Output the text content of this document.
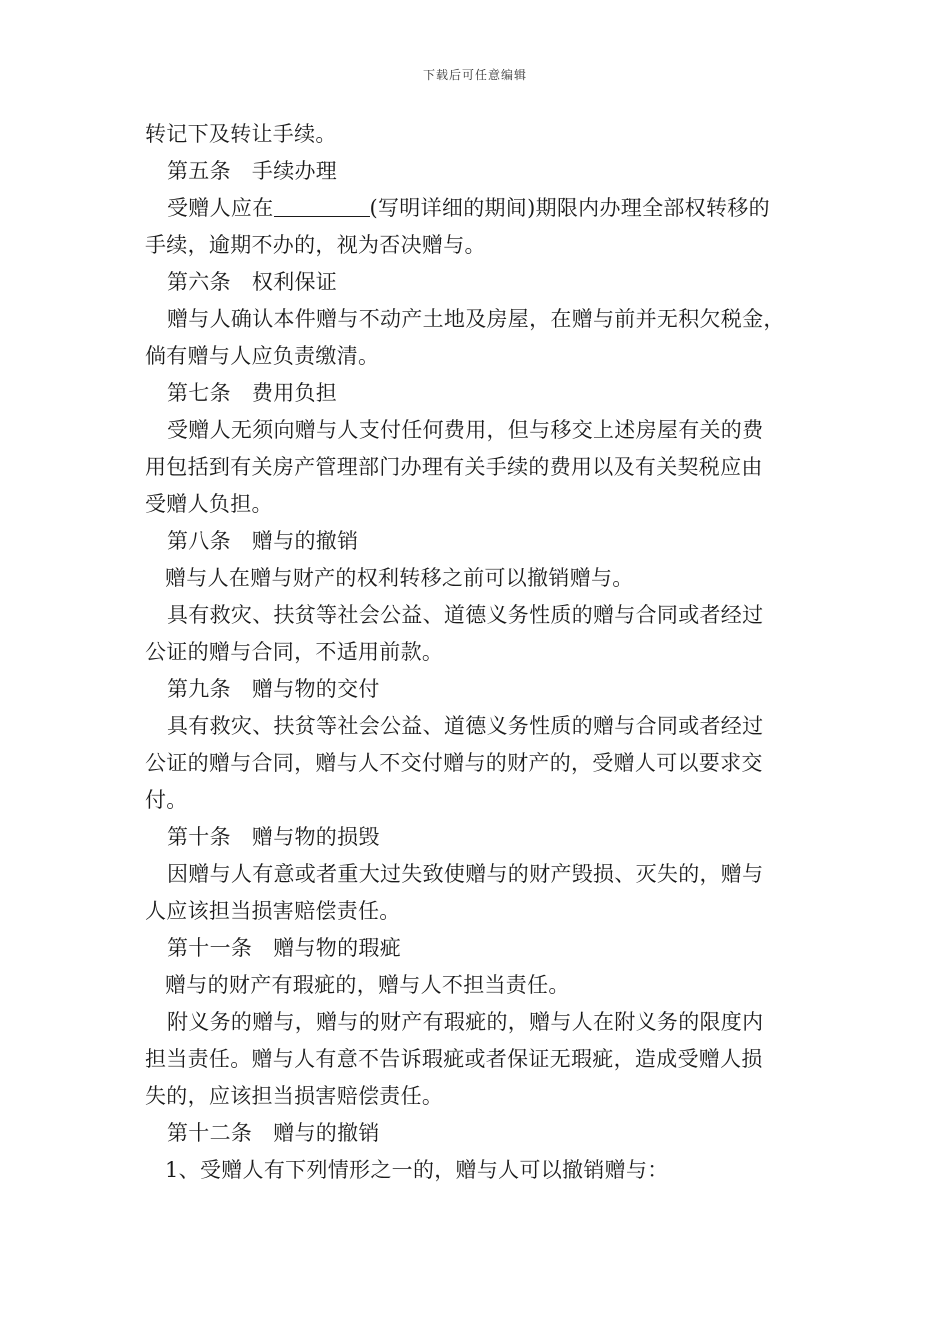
下载后可任意编辑
转记下及转让手续。
第五条 手续办理
受赠人应在	(写明详细的期间)期限内办理全部权转移的
手续，逾期不办的，视为否决赠与。
第六条 权利保证
赠与人确认本件赠与不动产土地及房屋，在赠与前并无积欠税金，
倘有赠与人应负责缴清。
第七条 费用负担
受赠人无须向赠与人支付任何费用，但与移交上述房屋有关的费
用包括到有关房产管理部门办理有关手续的费用以及有关契税应由
受赠人负担。
第八条 赠与的撤销
赠与人在赠与财产的权利转移之前可以撤销赠与。
具有救灾、扶贫等社会公益、道德义务性质的赠与合同或者经过
公证的赠与合同，不适用前款。
第九条 赠与物的交付
具有救灾、扶贫等社会公益、道德义务性质的赠与合同或者经过
公证的赠与合同，赠与人不交付赠与的财产的，受赠人可以要求交
付。
第十条 赠与物的损毁
因赠与人有意或者重大过失致使赠与的财产毁损、灭失的，赠与
人应该担当损害赔偿责任。
第十一条 赠与物的瑕疵
赠与的财产有瑕疵的，赠与人不担当责任。
附义务的赠与，赠与的财产有瑕疵的，赠与人在附义务的限度内
担当责任。赠与人有意不告诉瑕疵或者保证无瑕疵，造成受赠人损
失的，应该担当损害赔偿责任。
第十二条 赠与的撤销
1、受赠人有下列情形之一的，赠与人可以撤销赠与：
